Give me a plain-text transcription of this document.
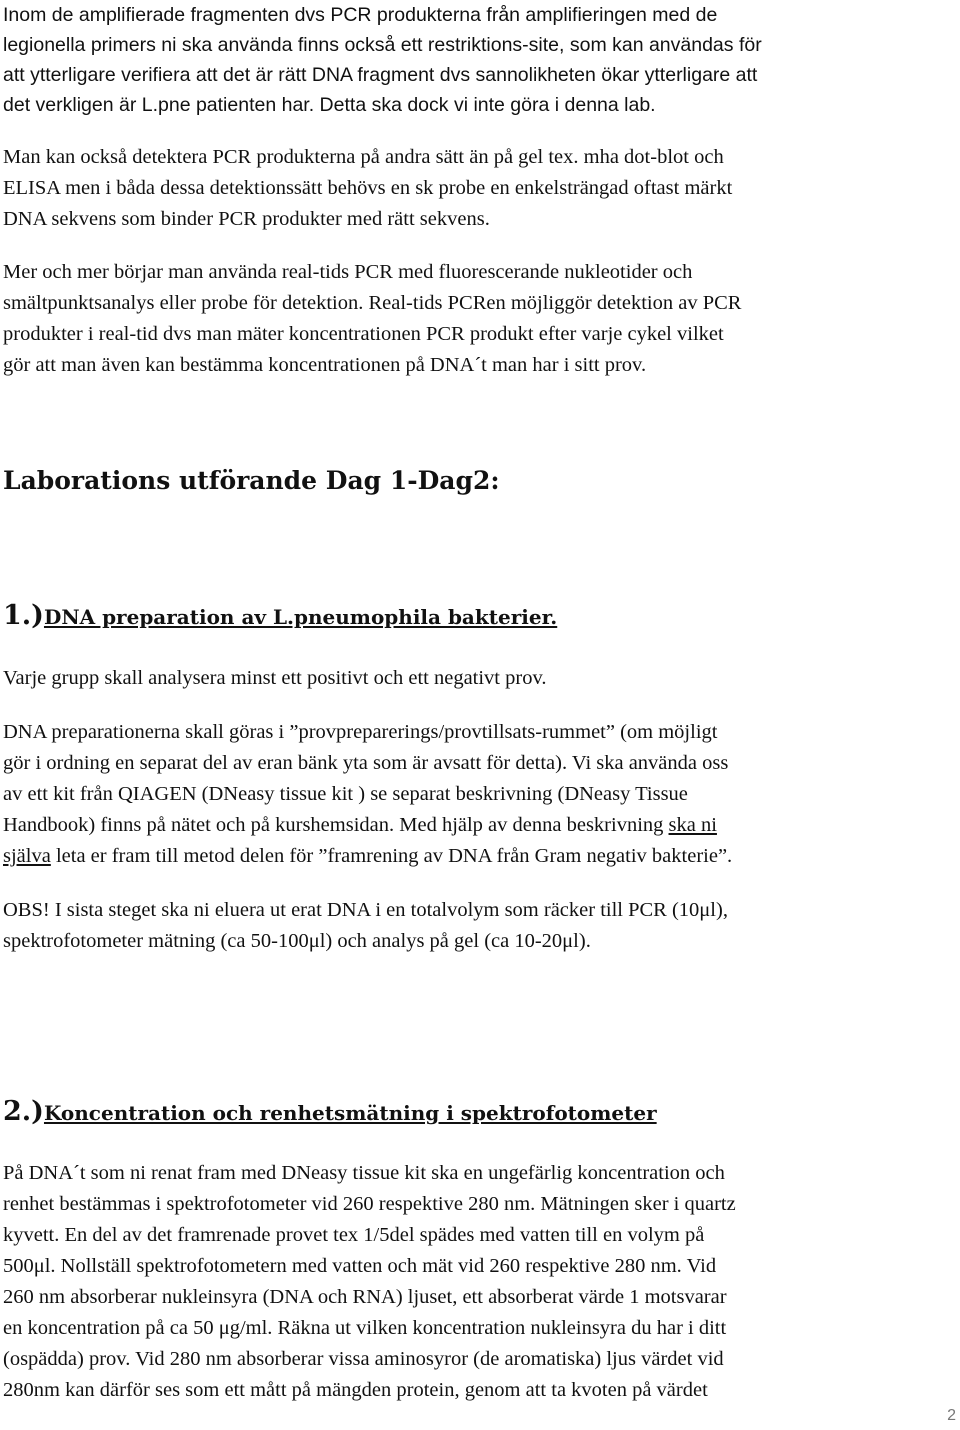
Inom de amplifierade fragmenten dvs PCR produkterna från amplifieringen med de
legionella primers ni ska använda finns också ett restriktions-site, som kan användas för
att ytterligare verifiera att det är rätt DNA fragment dvs sannolikheten ökar ytterligare att
det verkligen är L.pne patienten har. Detta ska dock vi inte göra i denna lab.
Man kan också detektera PCR produkterna på andra sätt än på gel tex. mha dot-blot och
ELISA men i båda dessa detektionssätt behövs en sk probe en enkelsträngad oftast märkt
DNA sekvens som binder PCR produkter med rätt sekvens.
Mer och mer börjar man använda real-tids PCR med fluorescerande nukleotider och
smältpunktsanalys eller probe för detektion. Real-tids PCRen möjliggör detektion av PCR
produkter i real-tid dvs man mäter koncentrationen PCR produkt efter varje cykel vilket
gör att man även kan bestämma koncentrationen på DNA´t man har i sitt prov.
Laborations utförande Dag 1-Dag2:
1.)DNA preparation av L.pneumophila bakterier.
Varje grupp skall analysera minst ett positivt och ett negativt prov.
DNA preparationerna skall göras i ”provpreparerings/provtillsats-rummet” (om möjligt
gör i ordning en separat del av eran bänk yta som är avsatt för detta). Vi ska använda oss
av ett kit från QIAGEN (DNeasy tissue kit ) se separat beskrivning (DNeasy Tissue
Handbook) finns på nätet och på kurshemsidan. Med hjälp av denna beskrivning ska ni
själva leta er fram till metod delen för ”framrening av DNA från Gram negativ bakterie”.
OBS! I sista steget ska ni eluera ut erat DNA i en totalvolym som räcker till PCR (10μl),
spektrofotometer mätning (ca 50-100μl) och analys på gel (ca 10-20μl).
2.)Koncentration och renhetsmätning i spektrofotometer
På DNA´t som ni renat fram med DNeasy tissue kit ska en ungefärlig koncentration och
renhet bestämmas i spektrofotometer vid 260 respektive 280 nm. Mätningen sker i quartz
kyvett. En del av det framrenade provet tex 1/5del spädes med vatten till en volym på
500μl. Nollställ spektrofotometern med vatten och mät vid 260 respektive 280 nm. Vid
260 nm absorberar nukleinsyra (DNA och RNA) ljuset, ett absorberat värde 1 motsvarar
en koncentration på ca 50 μg/ml. Räkna ut vilken koncentration nukleinsyra du har i ditt
(ospädda) prov. Vid 280 nm absorberar vissa aminosyror (de aromatiska) ljus värdet vid
280nm kan därför ses som ett mått på mängden protein, genom att ta kvoten på värdet
2
